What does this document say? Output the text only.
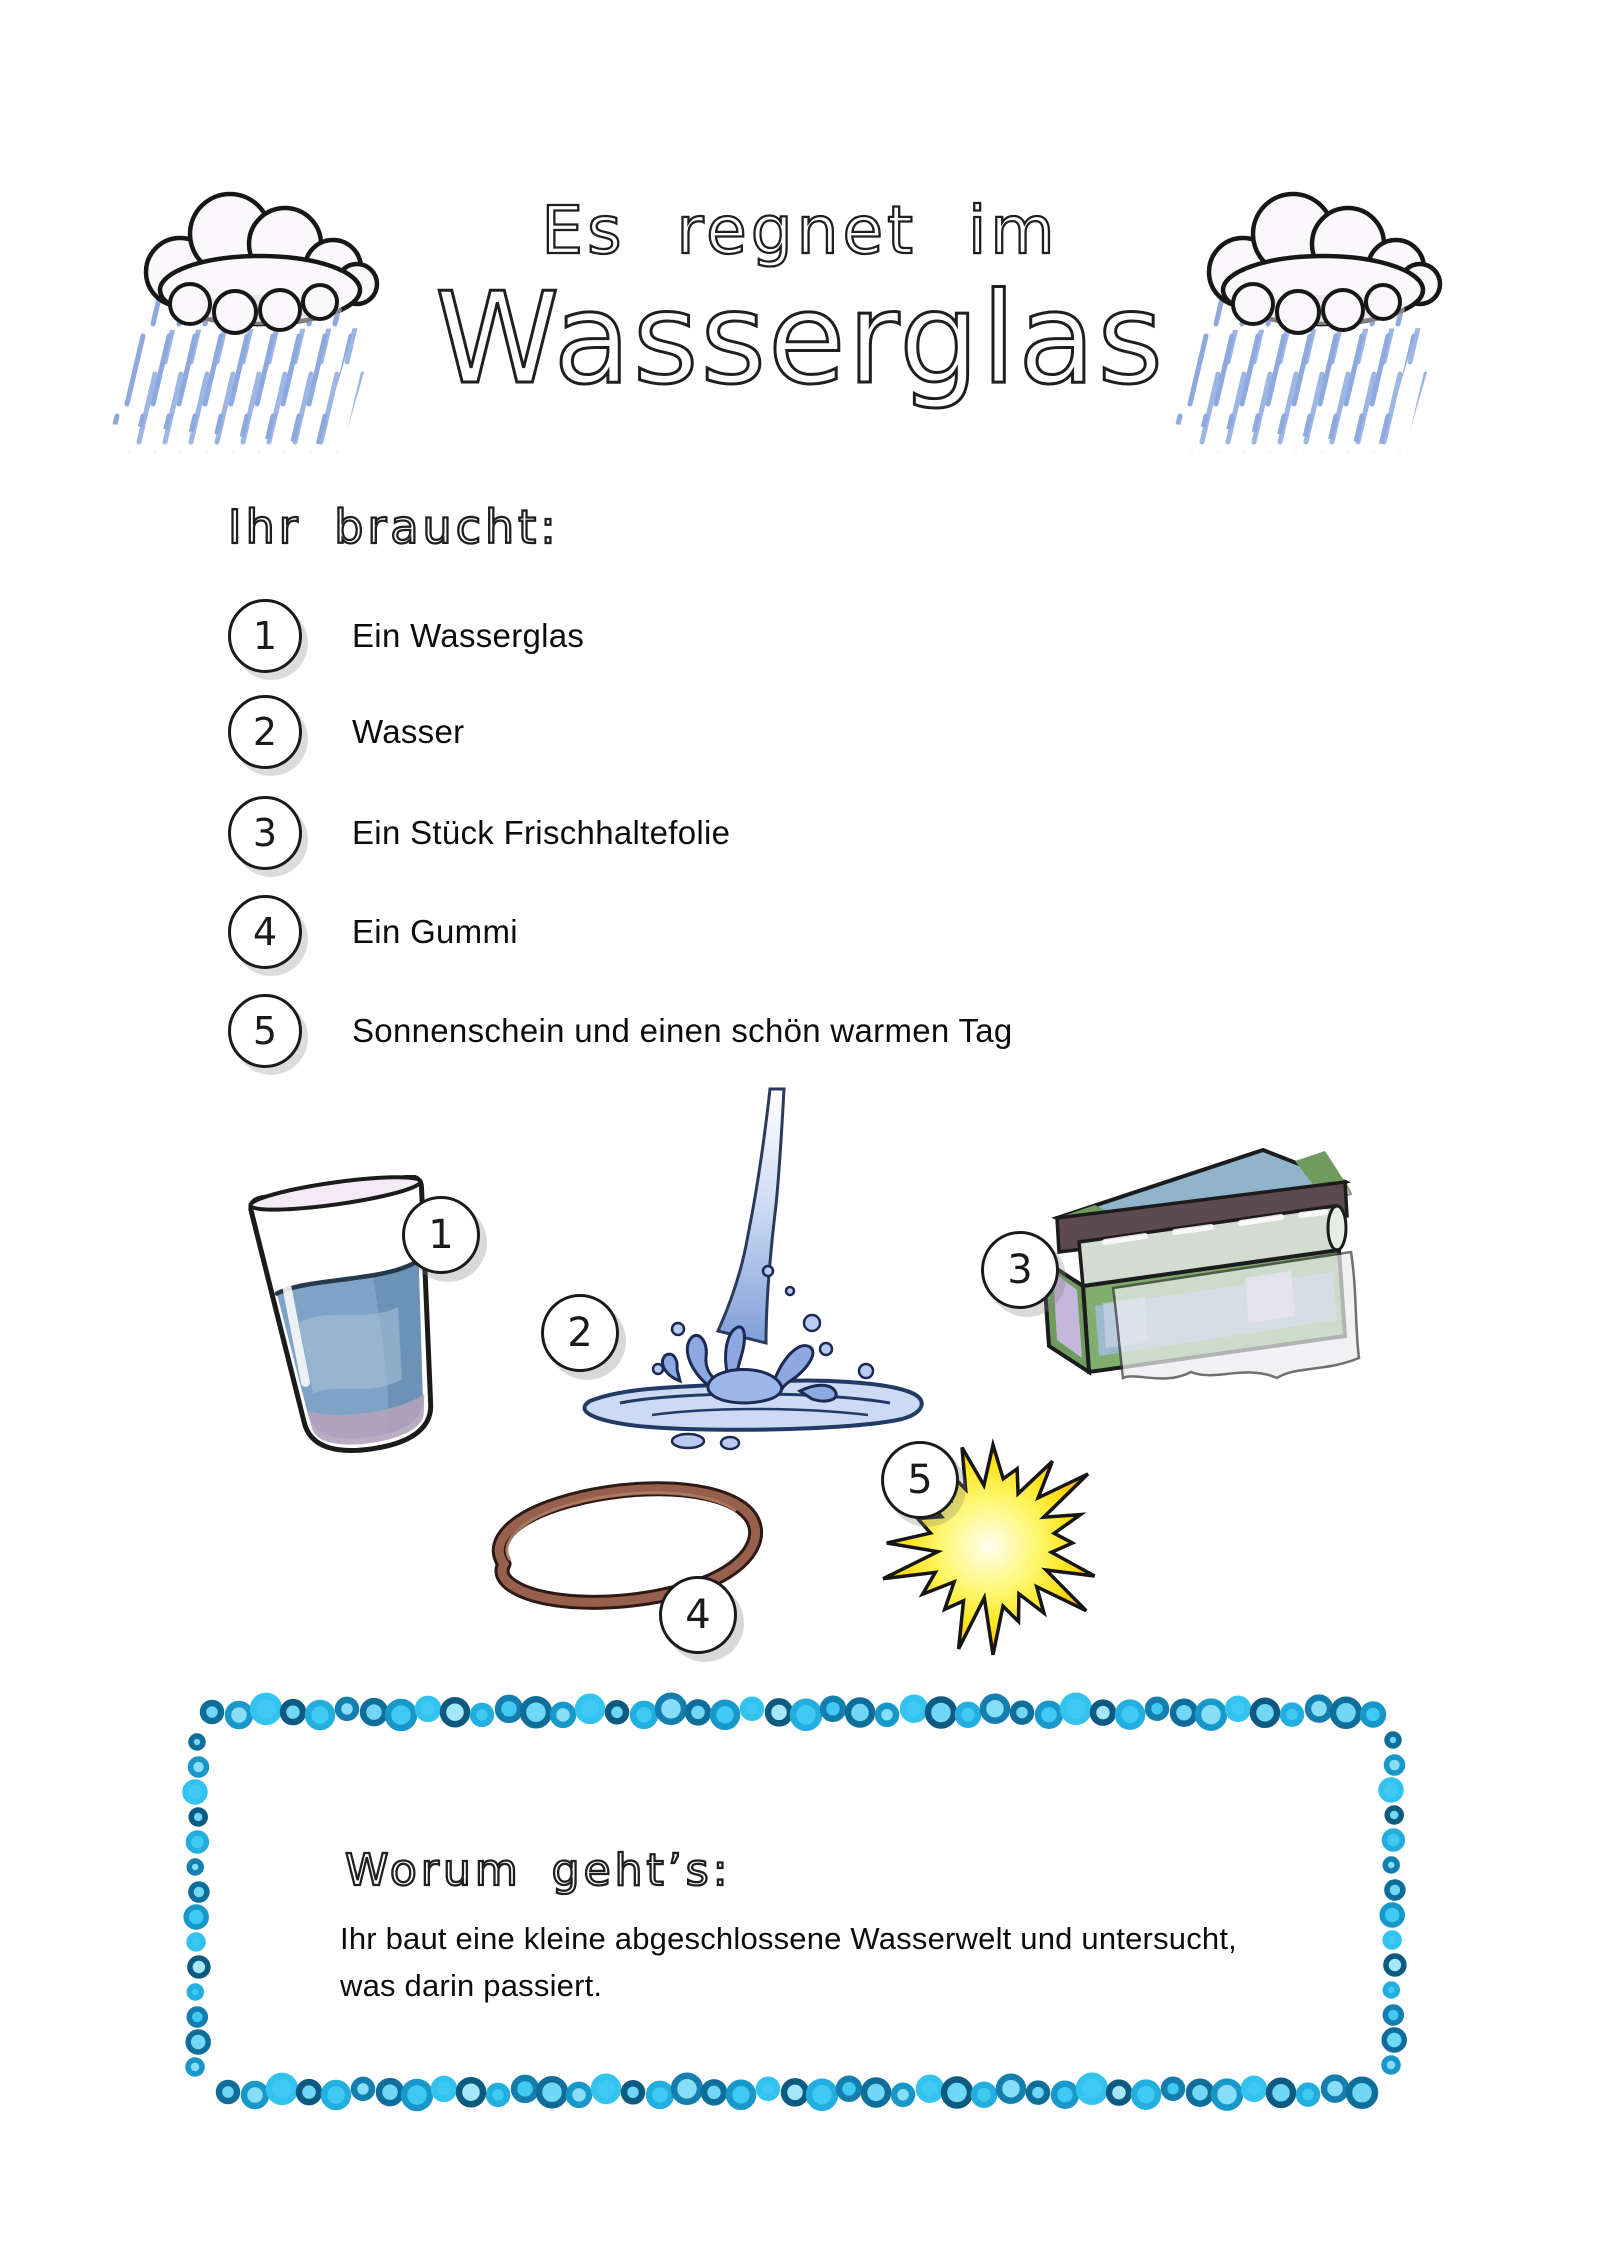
Es regnet im
Wasserglas
Ihr braucht:
1 Ein Wasserglas
2 Wasser
3 Ein Stück Frischhaltefolie
4 Ein Gummi
5 Sonnenschein und einen schön warmen Tag
1
2
3
4
5
Worum geht’s:
Ihr baut eine kleine abgeschlossene Wasserwelt und untersucht,
was darin passiert.
